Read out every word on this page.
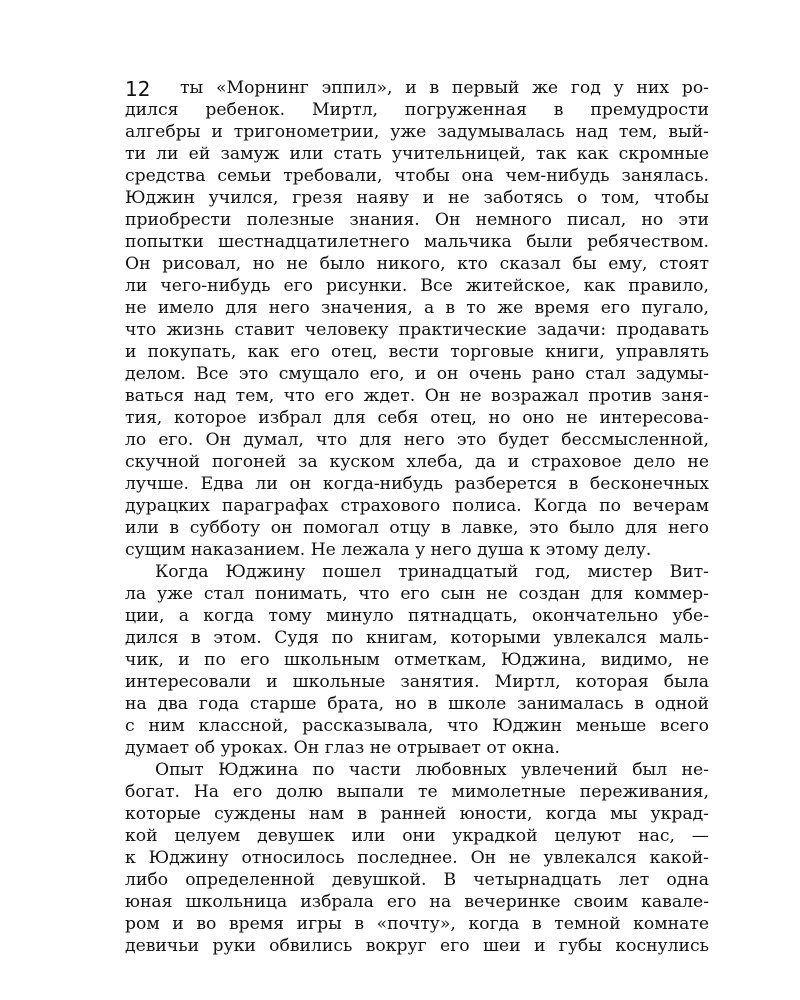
12	ты «Морнинг эппил», и в первый же год у них ро-
дился ребенок. Миртл, погруженная в премудрости
алгебры и тригонометрии, уже задумывалась над тем, вый-
ти ли ей замуж или стать учительницей, так как скромные
средства семьи требовали, чтобы она чем-нибудь занялась.
Юджин учился, грезя наяву и не заботясь о том, чтобы
приобрести полезные знания. Он немного писал, но эти
попытки шестнадцатилетнего мальчика были ребячеством.
Он рисовал, но не было никого, кто сказал бы ему, стоят
ли чего-нибудь его рисунки. Все житейское, как правило,
не имело для него значения, а в то же время его пугало,
что жизнь ставит человеку практические задачи: продавать
и покупать, как его отец, вести торговые книги, управлять
делом. Все это смущало его, и он очень рано стал задумы-
ваться над тем, что его ждет. Он не возражал против заня-
тия, которое избрал для себя отец, но оно не интересова-
ло его. Он думал, что для него это будет бессмысленной,
скучной погоней за куском хлеба, да и страховое дело не
лучше. Едва ли он когда-нибудь разберется в бесконечных
дурацких параграфах страхового полиса. Когда по вечерам
или в субботу он помогал отцу в лавке, это было для него
сущим наказанием. Не лежала у него душа к этому делу.
Когда Юджину пошел тринадцатый год, мистер Вит-
ла уже стал понимать, что его сын не создан для коммер-
ции, а когда тому минуло пятнадцать, окончательно убе-
дился в этом. Судя по книгам, которыми увлекался маль-
чик, и по его школьным отметкам, Юджина, видимо, не
интересовали и школьные занятия. Миртл, которая была
на два года старше брата, но в школе занималась в одной
с ним классной, рассказывала, что Юджин меньше всего
думает об уроках. Он глаз не отрывает от окна.
Опыт Юджина по части любовных увлечений был не-
богат. На его долю выпали те мимолетные переживания,
которые суждены нам в ранней юности, когда мы украд-
кой целуем девушек или они украдкой целуют нас, —
к Юджину относилось последнее. Он не увлекался какой-
либо определенной девушкой. В четырнадцать лет одна
юная школьница избрала его на вечеринке своим кавале-
ром и во время игры в «почту», когда в темной комнате
девичьи руки обвились вокруг его шеи и губы коснулись
